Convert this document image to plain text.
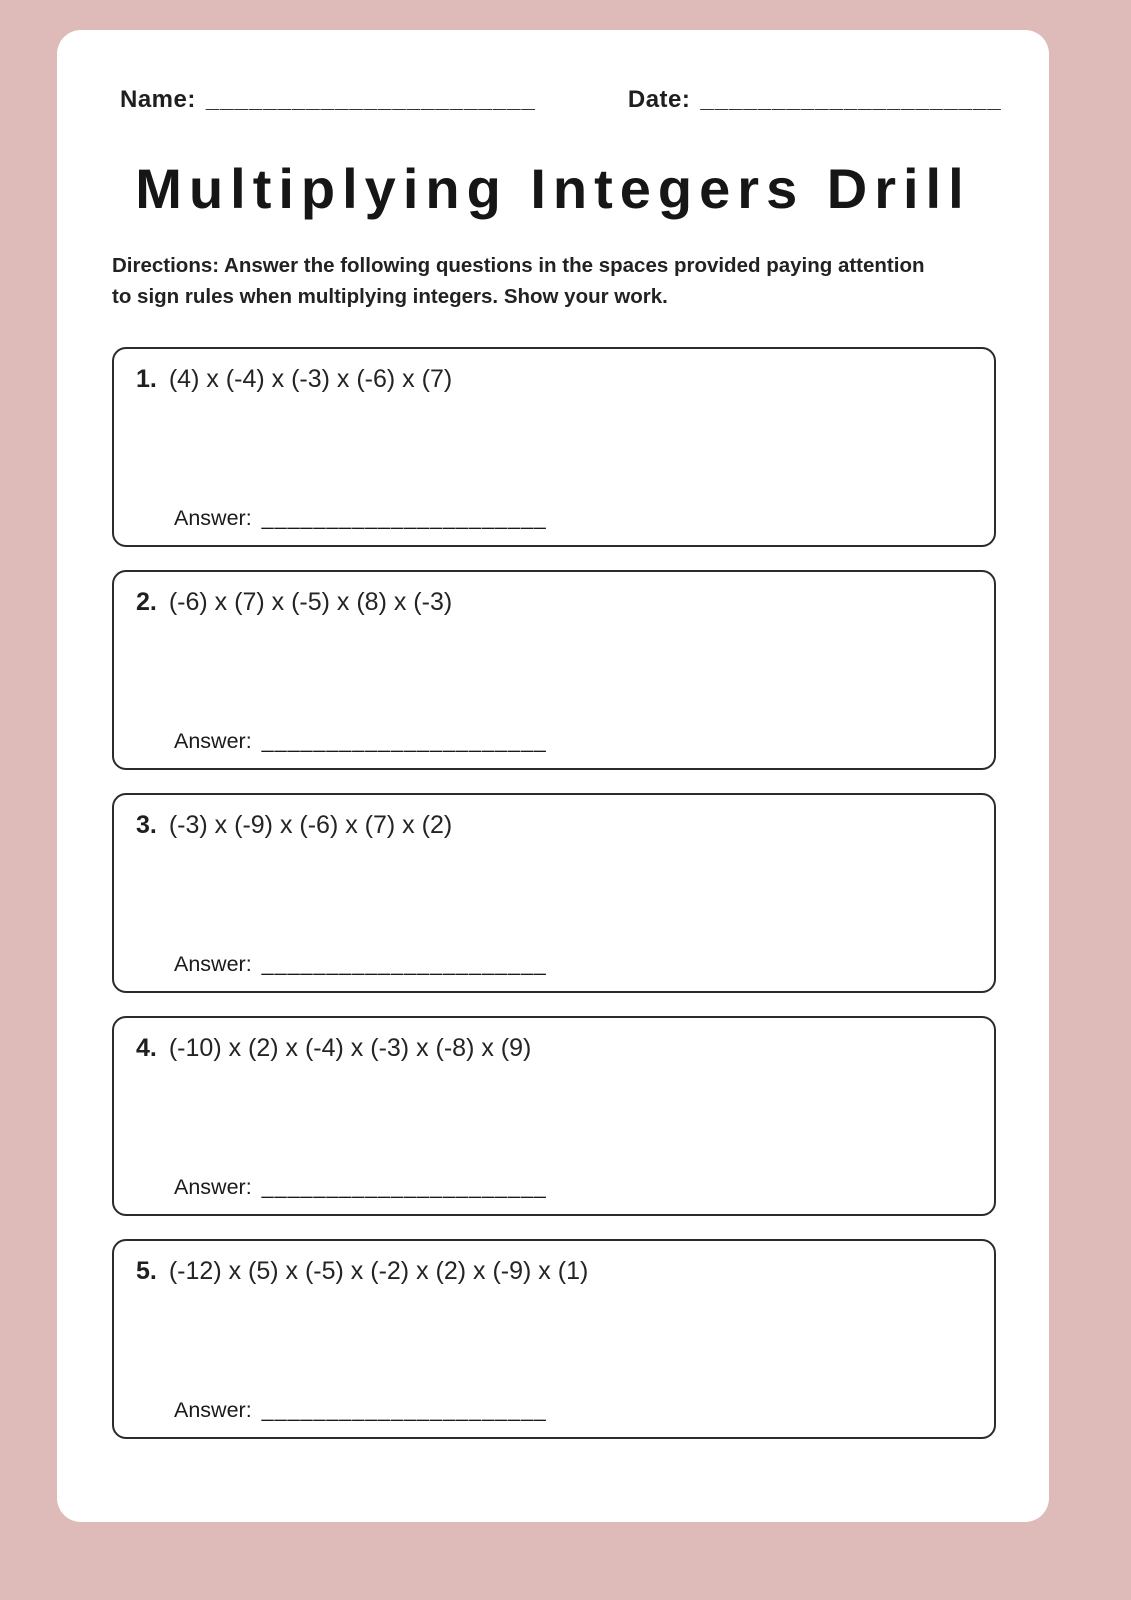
Name: _______________________	Date: _____________________
Multiplying Integers Drill

Directions: Answer the following questions in the spaces provided paying attention to sign rules when multiplying integers. Show your work.

1. (4) x (-4) x (-3) x (-6) x (7)
Answer: ______________________
2. (-6) x (7) x (-5) x (8) x (-3)
Answer: ______________________
3. (-3) x (-9) x (-6) x (7) x (2)
Answer: ______________________
4. (-10) x (2) x (-4) x (-3) x (-8) x (9)
Answer: ______________________
5. (-12) x (5) x (-5) x (-2) x (2) x (-9) x (1)
Answer: ______________________
